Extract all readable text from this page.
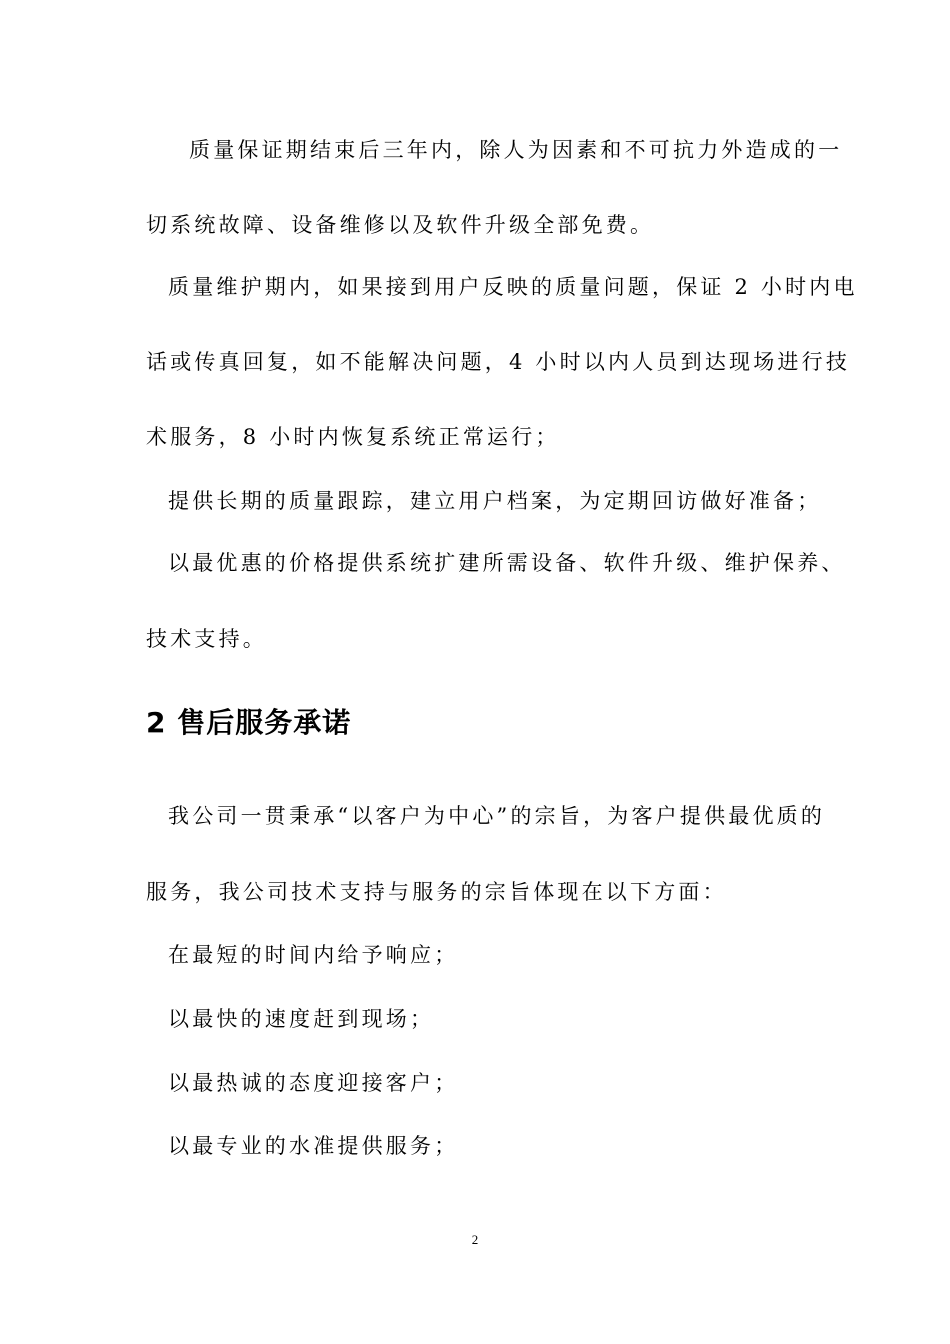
质量保证期结束后三年内，除人为因素和不可抗力外造成的一

切系统故障、设备维修以及软件升级全部免费。

质量维护期内，如果接到用户反映的质量问题，保证 2 小时内电

话或传真回复，如不能解决问题，4 小时以内人员到达现场进行技

术服务，8 小时内恢复系统正常运行；

提供长期的质量跟踪，建立用户档案，为定期回访做好准备；

以最优惠的价格提供系统扩建所需设备、软件升级、维护保养、

技术支持。

2 售后服务承诺

我公司一贯秉承“以客户为中心”的宗旨，为客户提供最优质的

服务，我公司技术支持与服务的宗旨体现在以下方面：

在最短的时间内给予响应；

以最快的速度赶到现场；

以最热诚的态度迎接客户；

以最专业的水准提供服务；

2
